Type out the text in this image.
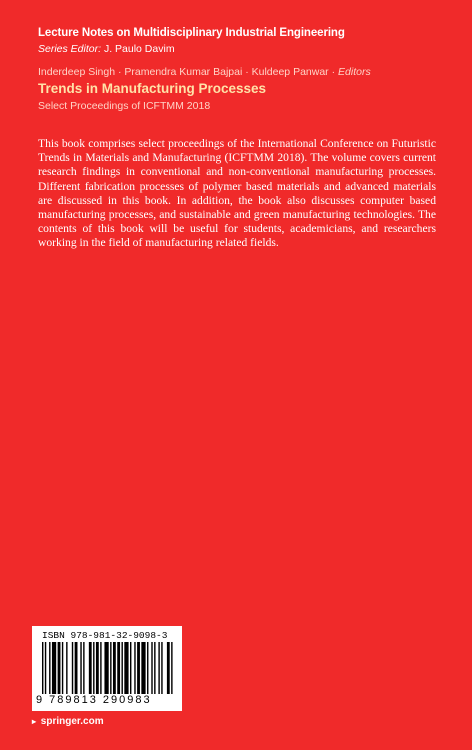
Lecture Notes on Multidisciplinary Industrial Engineering
Series Editor: J. Paulo Davim
Inderdeep Singh · Pramendra Kumar Bajpai · Kuldeep Panwar · Editors
Trends in Manufacturing Processes
Select Proceedings of ICFTMM 2018
This book comprises select proceedings of the International Conference on Futuristic Trends in Materials and Manufacturing (ICFTMM 2018). The volume covers current research findings in conventional and non-conventional manufacturing processes. Different fabrication processes of polymer based materials and advanced materials are discussed in this book. In addition, the book also discusses computer based manufacturing processes, and sustainable and green manufacturing technologies. The contents of this book will be useful for students, academicians, and researchers working in the field of manufacturing related fields.
ISBN 978-981-32-9098-3
9 789813 290983
▸ springer.com
